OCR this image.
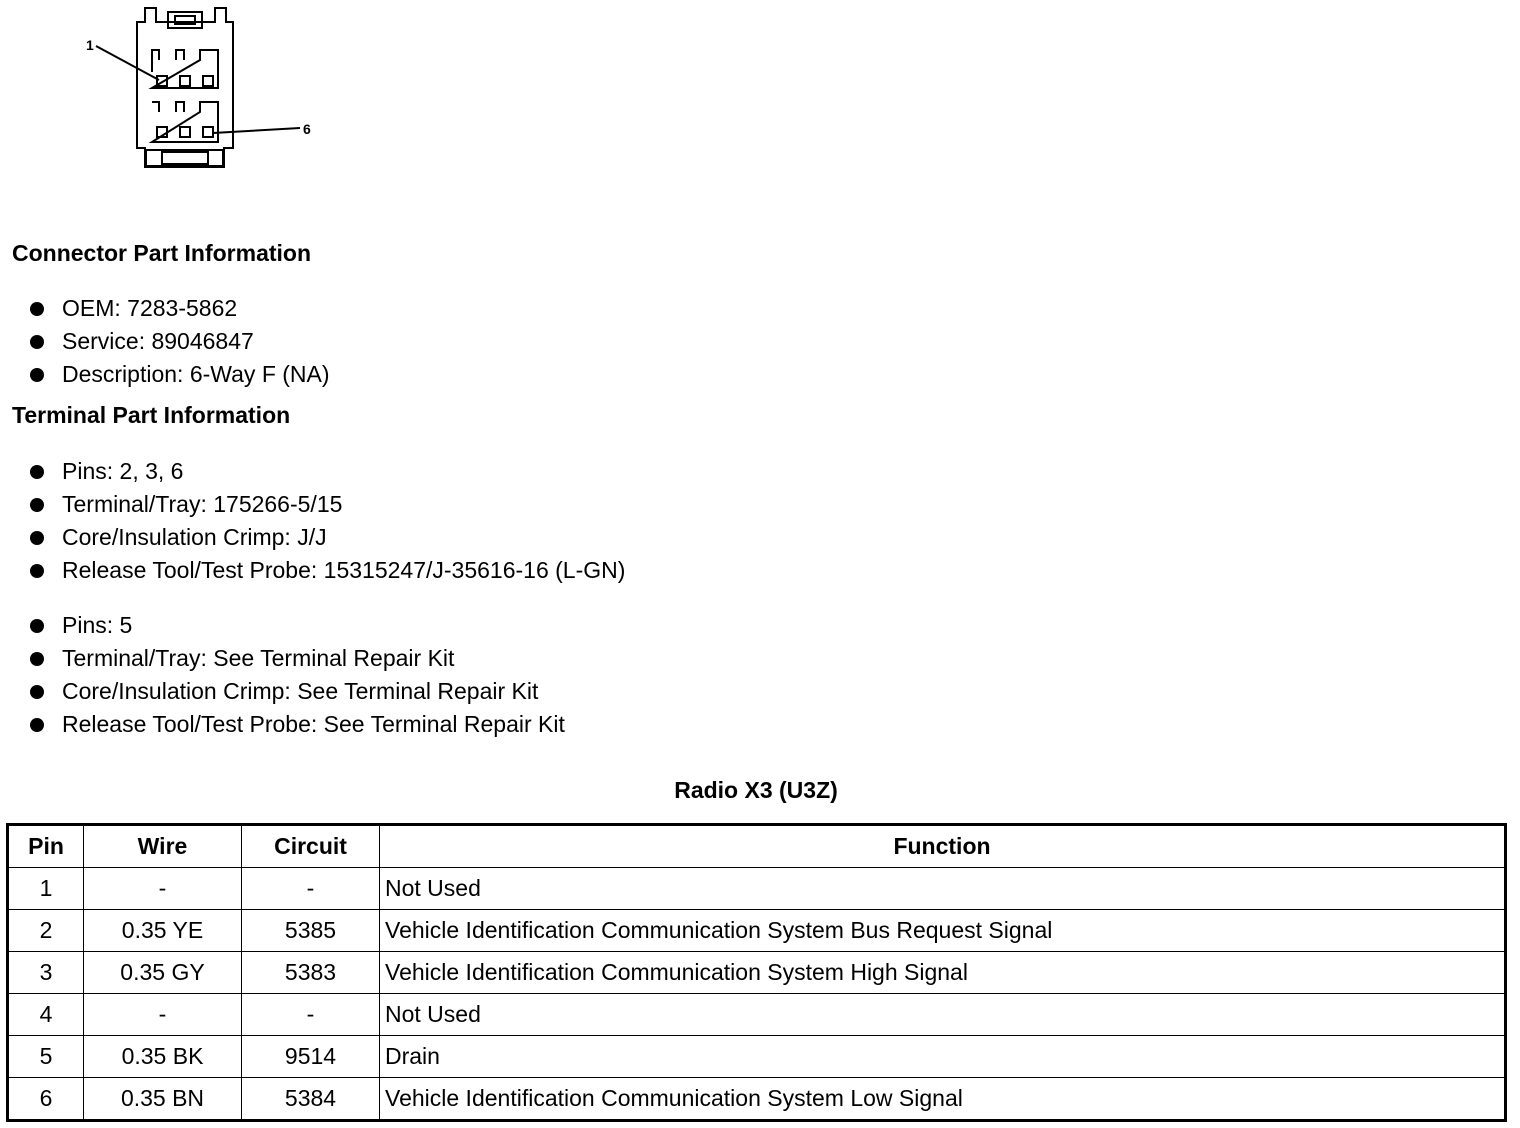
1
6
Connector Part Information
OEM: 7283-5862
Service: 89046847
Description: 6-Way F (NA)
Terminal Part Information
Pins: 2, 3, 6
Terminal/Tray: 175266-5/15
Core/Insulation Crimp: J/J
Release Tool/Test Probe: 15315247/J-35616-16 (L-GN)
Pins: 5
Terminal/Tray: See Terminal Repair Kit
Core/Insulation Crimp: See Terminal Repair Kit
Release Tool/Test Probe: See Terminal Repair Kit
Radio X3 (U3Z)
Pin	Wire	Circuit	Function
1	-	-	Not Used
2	0.35 YE	5385	Vehicle Identification Communication System Bus Request Signal
3	0.35 GY	5383	Vehicle Identification Communication System High Signal
4	-	-	Not Used
5	0.35 BK	9514	Drain
6	0.35 BN	5384	Vehicle Identification Communication System Low Signal
